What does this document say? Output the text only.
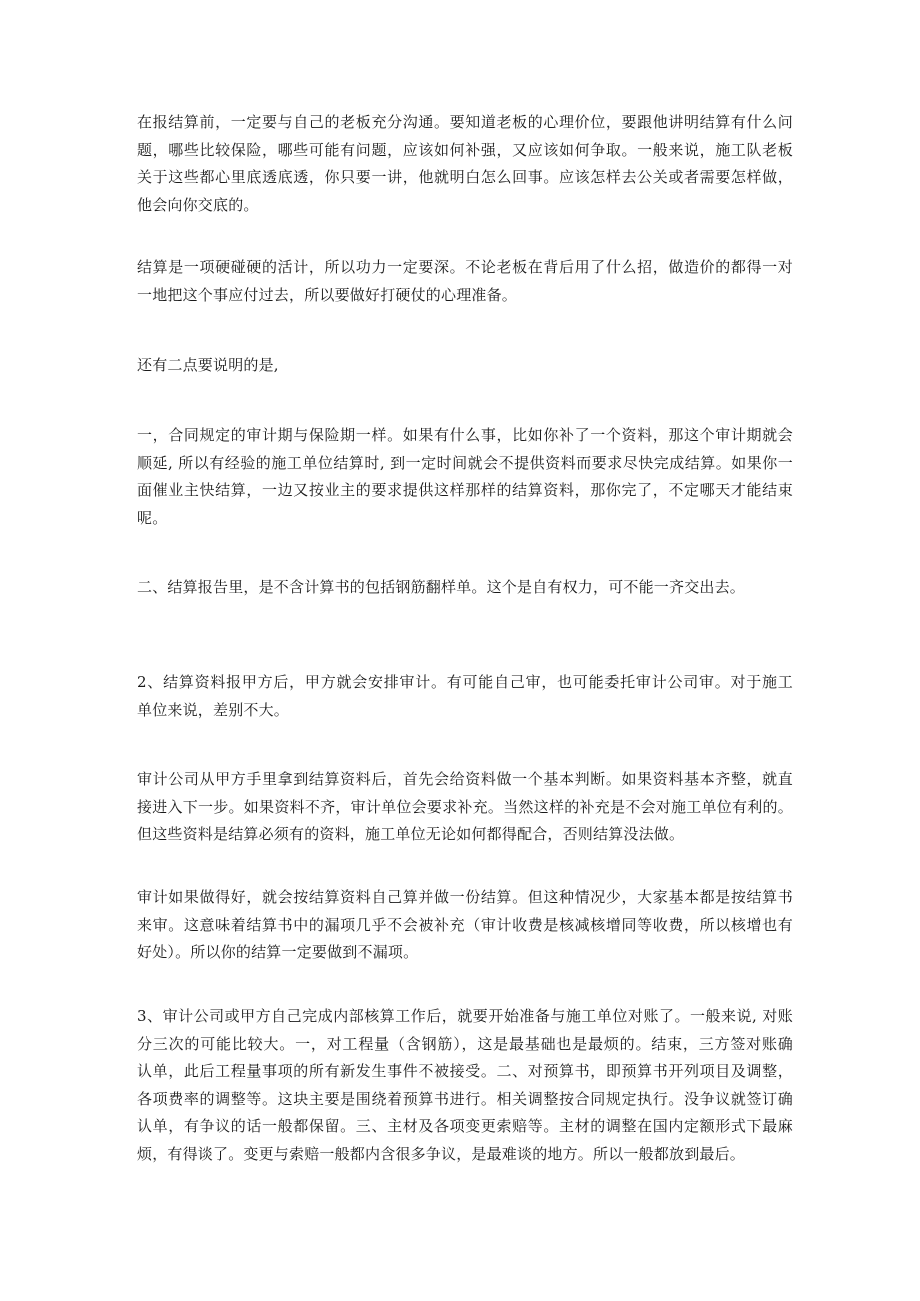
在报结算前，一定要与自己的老板充分沟通。要知道老板的心理价位，要跟他讲明结算有什么问
题，哪些比较保险，哪些可能有问题，应该如何补强，又应该如何争取。一般来说，施工队老板
关于这些都心里底透底透，你只要一讲，他就明白怎么回事。应该怎样去公关或者需要怎样做，
他会向你交底的。
结算是一项硬碰硬的活计，所以功力一定要深。不论老板在背后用了什么招，做造价的都得一对
一地把这个事应付过去，所以要做好打硬仗的心理准备。
还有二点要说明的是,
一，合同规定的审计期与保险期一样。如果有什么事，比如你补了一个资料，那这个审计期就会
顺延, 所以有经验的施工单位结算时, 到一定时间就会不提供资料而要求尽快完成结算。如果你一
面催业主快结算，一边又按业主的要求提供这样那样的结算资料，那你完了，不定哪天才能结束
呢。
二、结算报告里，是不含计算书的包括钢筋翻样单。这个是自有权力，可不能一齐交出去。
2、结算资料报甲方后，甲方就会安排审计。有可能自己审，也可能委托审计公司审。对于施工
单位来说，差别不大。
审计公司从甲方手里拿到结算资料后，首先会给资料做一个基本判断。如果资料基本齐整，就直
接进入下一步。如果资料不齐，审计单位会要求补充。当然这样的补充是不会对施工单位有利的。
但这些资料是结算必须有的资料，施工单位无论如何都得配合，否则结算没法做。
审计如果做得好，就会按结算资料自己算并做一份结算。但这种情况少，大家基本都是按结算书
来审。这意味着结算书中的漏项几乎不会被补充（审计收费是核减核增同等收费，所以核增也有
好处）。所以你的结算一定要做到不漏项。
3、审计公司或甲方自己完成内部核算工作后，就要开始准备与施工单位对账了。一般来说, 对账
分三次的可能比较大。一，对工程量（含钢筋），这是最基础也是最烦的。结束，三方签对账确
认单，此后工程量事项的所有新发生事件不被接受。二、对预算书，即预算书开列项目及调整，
各项费率的调整等。这块主要是围绕着预算书进行。相关调整按合同规定执行。没争议就签订确
认单，有争议的话一般都保留。三、主材及各项变更索赔等。主材的调整在国内定额形式下最麻
烦，有得谈了。变更与索赔一般都内含很多争议，是最难谈的地方。所以一般都放到最后。
